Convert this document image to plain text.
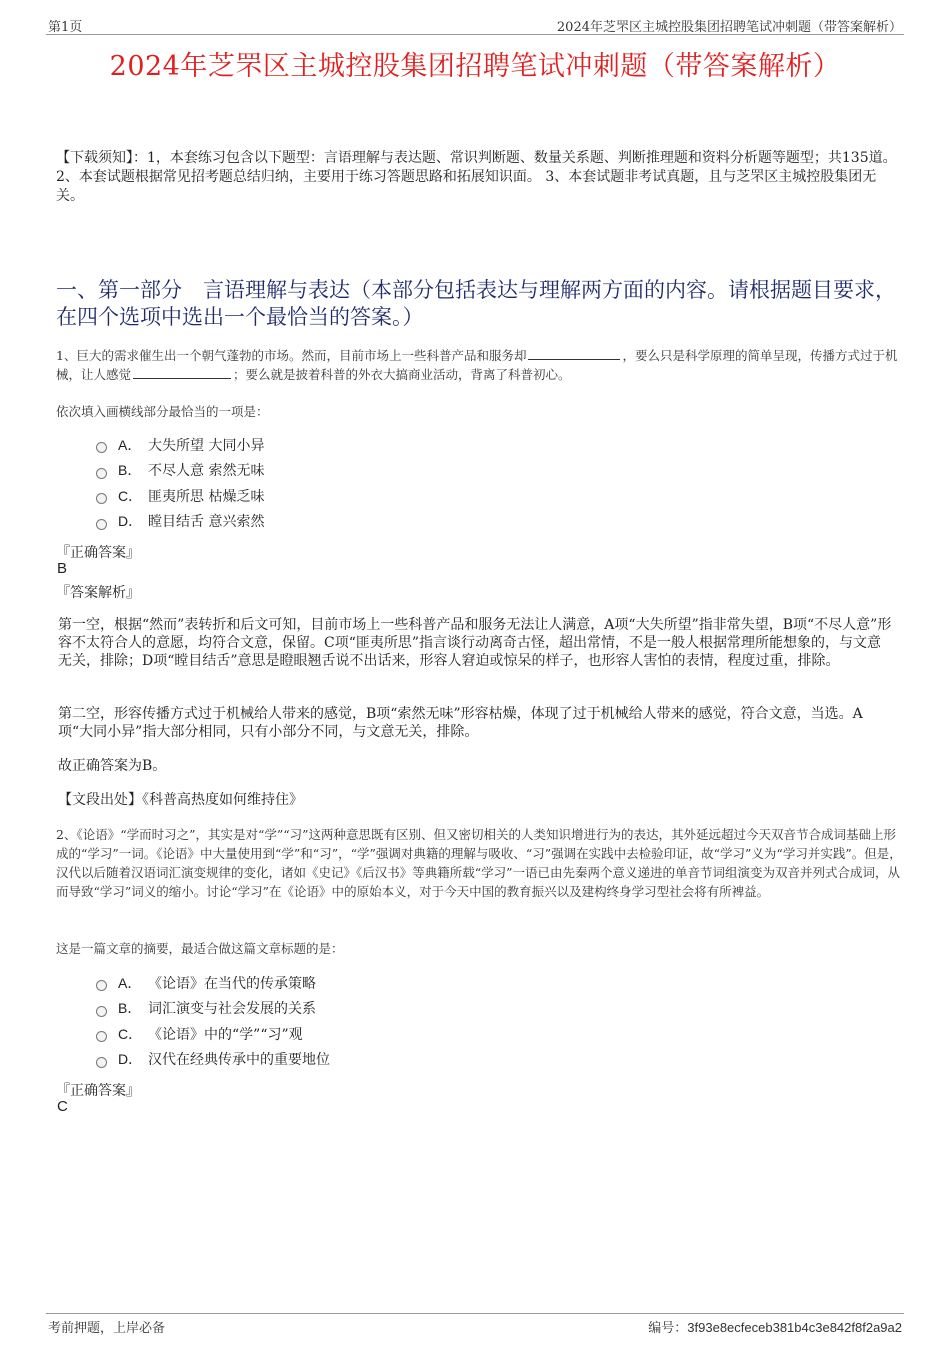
第1页	2024年芝罘区主城控股集团招聘笔试冲刺题（带答案解析）
2024年芝罘区主城控股集团招聘笔试冲刺题（带答案解析）
【下载须知】：1，本套练习包含以下题型：言语理解与表达题、常识判断题、数量关系题、判断推理题和资料分析题等题型；共135道。 2、本套试题根据常见招考题总结归纳，主要用于练习答题思路和拓展知识面。 3、本套试题非考试真题，且与芝罘区主城控股集团无关。
一、第一部分　言语理解与表达（本部分包括表达与理解两方面的内容。请根据题目要求，在四个选项中选出一个最恰当的答案。）
1、巨大的需求催生出一个朝气蓬勃的市场。然而，目前市场上一些科普产品和服务却	，要么只是科学原理的简单呈现，传播方式过于机械，让人感觉	；要么就是披着科普的外衣大搞商业活动，背离了科普初心。
依次填入画横线部分最恰当的一项是：
A． 大失所望 大同小异
B． 不尽人意 索然无味
C． 匪夷所思 枯燥乏味
D． 瞠目结舌 意兴索然
『正确答案』
B
『答案解析』
第一空，根据“然而”表转折和后文可知，目前市场上一些科普产品和服务无法让人满意，A项“大失所望”指非常失望，B项“不尽人意”形容不太符合人的意愿，均符合文意，保留。C项“匪夷所思”指言谈行动离奇古怪，超出常情，不是一般人根据常理所能想象的，与文意无关，排除；D项“瞠目结舌”意思是瞪眼翘舌说不出话来，形容人窘迫或惊呆的样子，也形容人害怕的表情，程度过重，排除。
第二空，形容传播方式过于机械给人带来的感觉，B项“索然无味”形容枯燥，体现了过于机械给人带来的感觉，符合文意，当选。A项“大同小异”指大部分相同，只有小部分不同，与文意无关，排除。
故正确答案为B。
【文段出处】《科普高热度如何维持住》
2、《论语》“学而时习之”，其实是对“学”“习”这两种意思既有区别、但又密切相关的人类知识增进行为的表达，其外延远超过今天双音节合成词基础上形成的“学习”一词。《论语》中大量使用到“学”和“习”，“学”强调对典籍的理解与吸收、“习”强调在实践中去检验印证，故“学习”义为“学习并实践”。但是，汉代以后随着汉语词汇演变规律的变化，诸如《史记》《后汉书》等典籍所载“学习”一语已由先秦两个意义递进的单音节词组演变为双音并列式合成词，从而导致“学习”词义的缩小。讨论“学习”在《论语》中的原始本义，对于今天中国的教育振兴以及建构终身学习型社会将有所裨益。
这是一篇文章的摘要，最适合做这篇文章标题的是：
A． 《论语》在当代的传承策略
B． 词汇演变与社会发展的关系
C． 《论语》中的“学”“习”观
D． 汉代在经典传承中的重要地位
『正确答案』
C
考前押题，上岸必备	编号：3f93e8ecfeceb381b4c3e842f8f2a9a2
